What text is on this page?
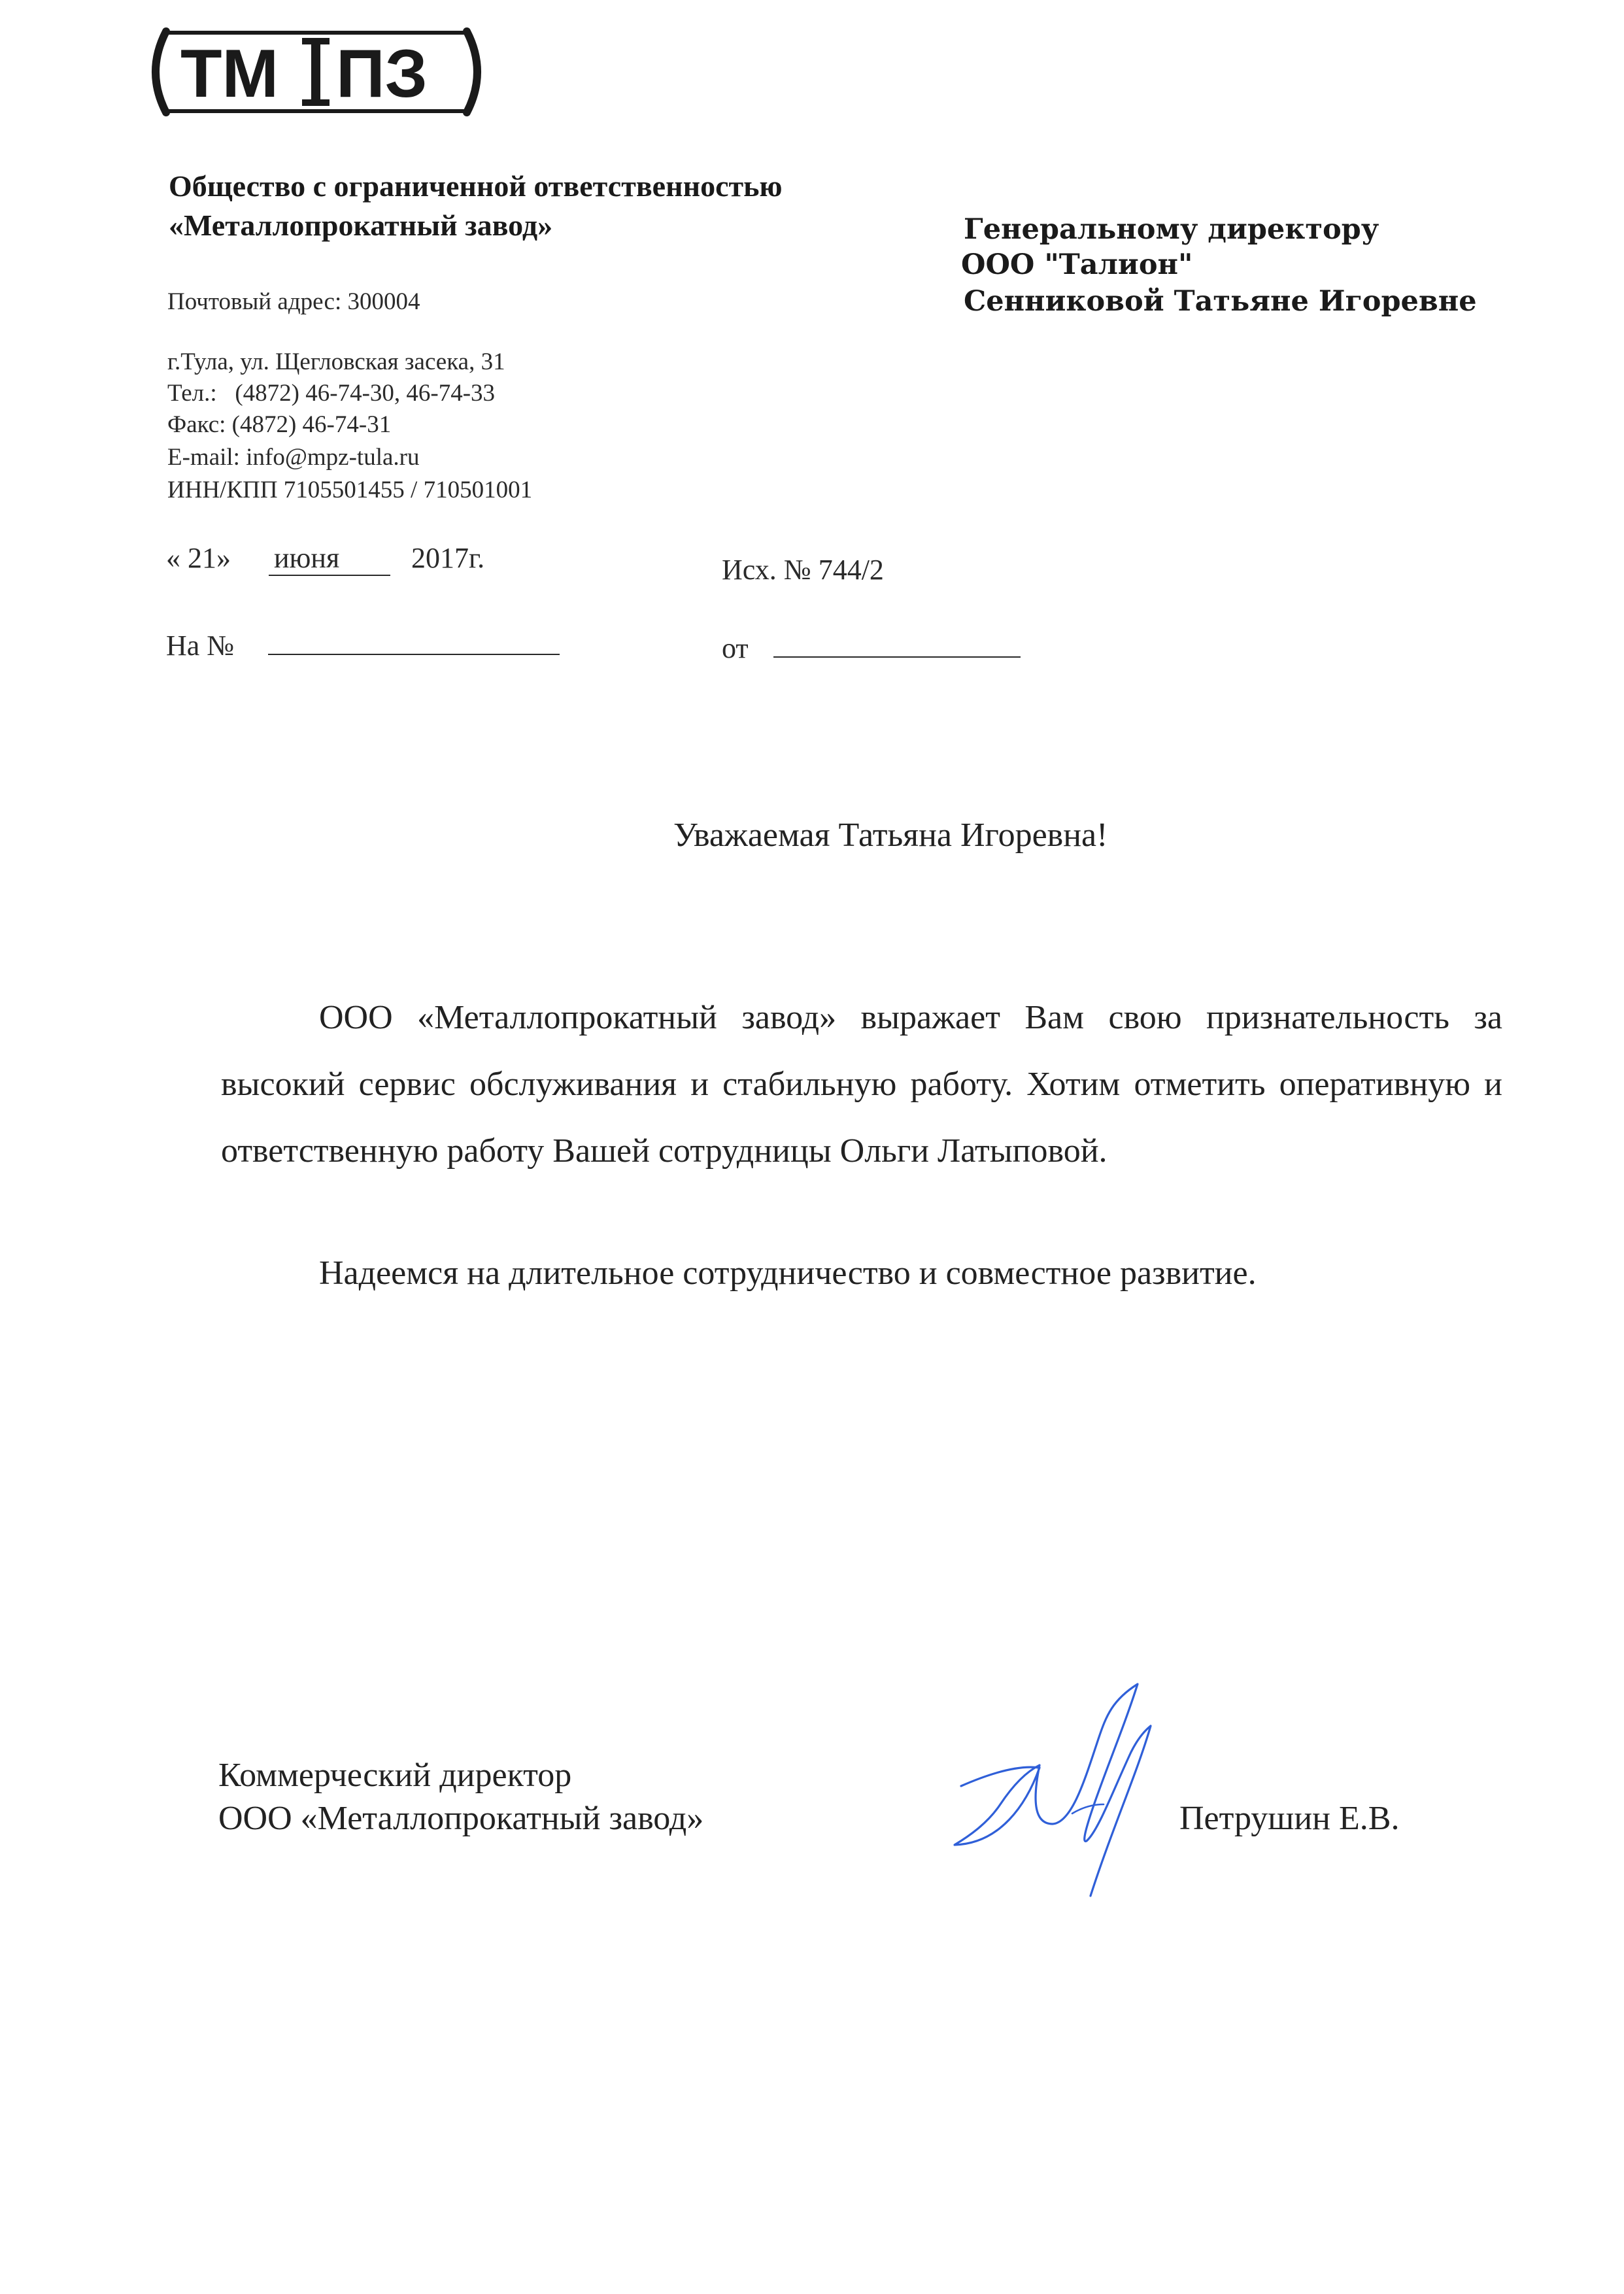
ТМ ПЗ
Общество с ограниченной ответственностью
«Металлопрокатный завод»
Почтовый адрес: 300004
г.Тула, ул. Щегловская засека, 31
Тел.: (4872) 46-74-30, 46-74-33
Факс: (4872) 46-74-31
E-mail: info@mpz-tula.ru
ИНН/КПП 7105501455 / 710501001
Генеральному директору
ООО "Талион"
Сенниковой Татьяне Игоревне
« 21» июня 2017г.	Исх. № 744/2
На №	от
Уважаемая Татьяна Игоревна!
ООО «Металлопрокатный завод» выражает Вам свою признательность за высокий сервис обслуживания и стабильную работу. Хотим отметить оперативную и ответственную работу Вашей сотрудницы Ольги Латыповой.
Надеемся на длительное сотрудничество и совместное развитие.
Коммерческий директор
ООО «Металлопрокатный завод»	Петрушин Е.В.
